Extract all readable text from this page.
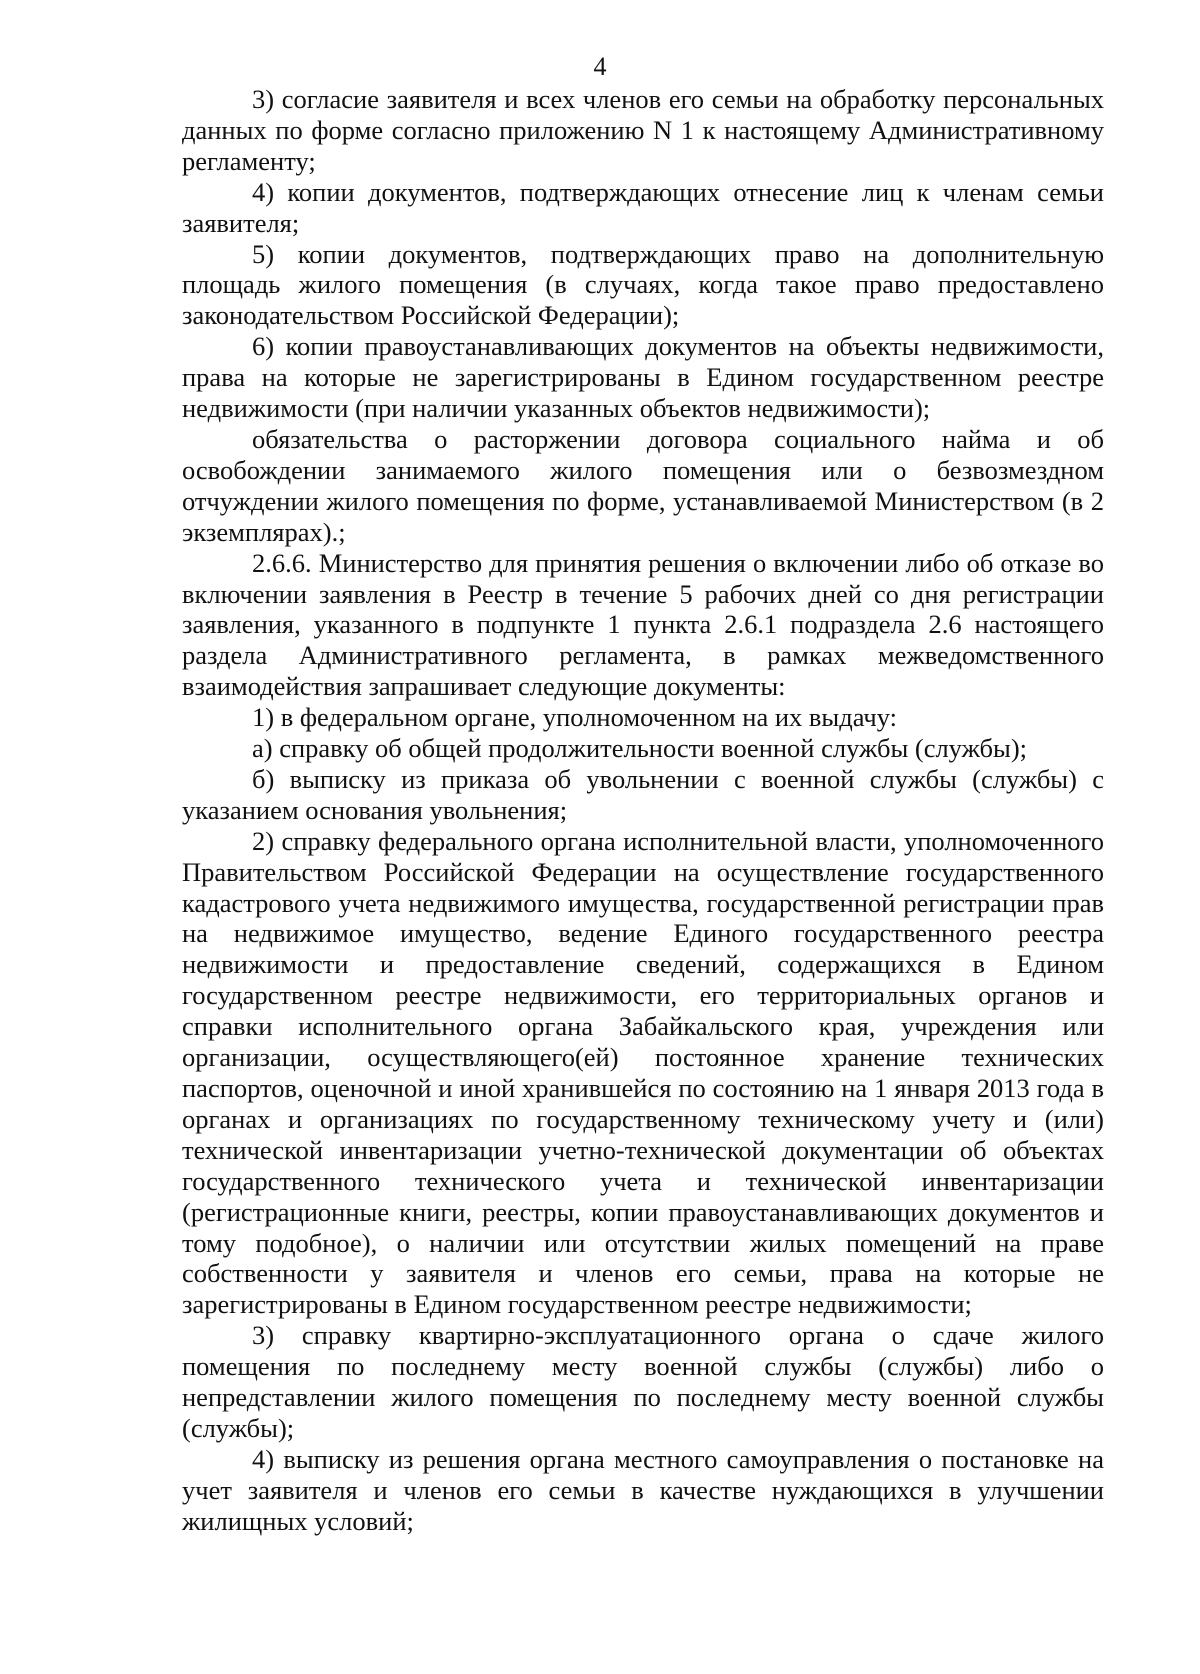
4

3) согласие заявителя и всех членов его семьи на обработку персональных данных по форме согласно приложению N 1 к настоящему Административному регламенту;

4) копии документов, подтверждающих отнесение лиц к членам семьи заявителя;

5) копии документов, подтверждающих право на дополнительную площадь жилого помещения (в случаях, когда такое право предоставлено законодательством Российской Федерации);

6) копии правоустанавливающих документов на объекты недвижимости, права на которые не зарегистрированы в Едином государственном реестре недвижимости (при наличии указанных объектов недвижимости);

обязательства о расторжении договора социального найма и об освобождении занимаемого жилого помещения или о безвозмездном отчуждении жилого помещения по форме, устанавливаемой Министерством (в 2 экземплярах).;

2.6.6. Министерство для принятия решения о включении либо об отказе во включении заявления в Реестр в течение 5 рабочих дней со дня регистрации заявления, указанного в подпункте 1 пункта 2.6.1 подраздела 2.6 настоящего раздела Административного регламента, в рамках межведомственного взаимодействия запрашивает следующие документы:

1) в федеральном органе, уполномоченном на их выдачу:

а) справку об общей продолжительности военной службы (службы);

б) выписку из приказа об увольнении с военной службы (службы) с указанием основания увольнения;

2) справку федерального органа исполнительной власти, уполномоченного Правительством Российской Федерации на осуществление государственного кадастрового учета недвижимого имущества, государственной регистрации прав на недвижимое имущество, ведение Единого государственного реестра недвижимости и предоставление сведений, содержащихся в Едином государственном реестре недвижимости, его территориальных органов и справки исполнительного органа Забайкальского края, учреждения или организации, осуществляющего(ей) постоянное хранение технических паспортов, оценочной и иной хранившейся по состоянию на 1 января 2013 года в органах и организациях по государственному техническому учету и (или) технической инвентаризации учетно-технической документации об объектах государственного технического учета и технической инвентаризации (регистрационные книги, реестры, копии правоустанавливающих документов и тому подобное), о наличии или отсутствии жилых помещений на праве собственности у заявителя и членов его семьи, права на которые не зарегистрированы в Едином государственном реестре недвижимости;

3) справку квартирно-эксплуатационного органа о сдаче жилого помещения по последнему месту военной службы (службы) либо о непредставлении жилого помещения по последнему месту военной службы (службы);

4) выписку из решения органа местного самоуправления о постановке на учет заявителя и членов его семьи в качестве нуждающихся в улучшении жилищных условий;
